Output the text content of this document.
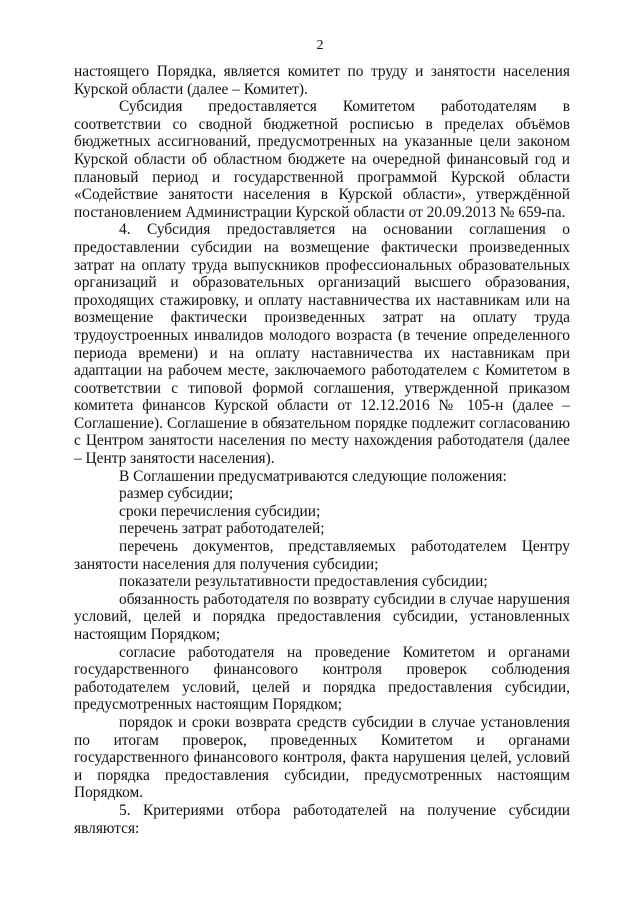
2

настоящего Порядка, является комитет по труду и занятости населения Курской области (далее – Комитет).

Субсидия предоставляется Комитетом работодателям в соответствии со сводной бюджетной росписью в пределах объёмов бюджетных ассигнований, предусмотренных на указанные цели законом Курской области об областном бюджете на очередной финансовый год и плановый период и государственной программой Курской области «Содействие занятости населения в Курской области», утверждённой постановлением Администрации Курской области от 20.09.2013 № 659-па.

4. Субсидия предоставляется на основании соглашения о предоставлении субсидии на возмещение фактически произведенных затрат на оплату труда выпускников профессиональных образовательных организаций и образовательных организаций высшего образования, проходящих стажировку, и оплату наставничества их наставникам или на возмещение фактически произведенных затрат на оплату труда трудоустроенных инвалидов молодого возраста (в течение определенного периода времени) и на оплату наставничества их наставникам при адаптации на рабочем месте, заключаемого работодателем с Комитетом в соответствии с типовой формой соглашения, утвержденной приказом комитета финансов Курской области от 12.12.2016 № 105-н (далее – Соглашение). Соглашение в обязательном порядке подлежит согласованию с Центром занятости населения по месту нахождения работодателя (далее – Центр занятости населения).

В Соглашении предусматриваются следующие положения:

размер субсидии;

сроки перечисления субсидии;

перечень затрат работодателей;

перечень документов, представляемых работодателем Центру занятости населения для получения субсидии;

показатели результативности предоставления субсидии;

обязанность работодателя по возврату субсидии в случае нарушения условий, целей и порядка предоставления субсидии, установленных настоящим Порядком;

согласие работодателя на проведение Комитетом и органами государственного финансового контроля проверок соблюдения работодателем условий, целей и порядка предоставления субсидии, предусмотренных настоящим Порядком;

порядок и сроки возврата средств субсидии в случае установления по итогам проверок, проведенных Комитетом и органами государственного финансового контроля, факта нарушения целей, условий и порядка предоставления субсидии, предусмотренных настоящим Порядком.

5. Критериями отбора работодателей на получение субсидии являются:
